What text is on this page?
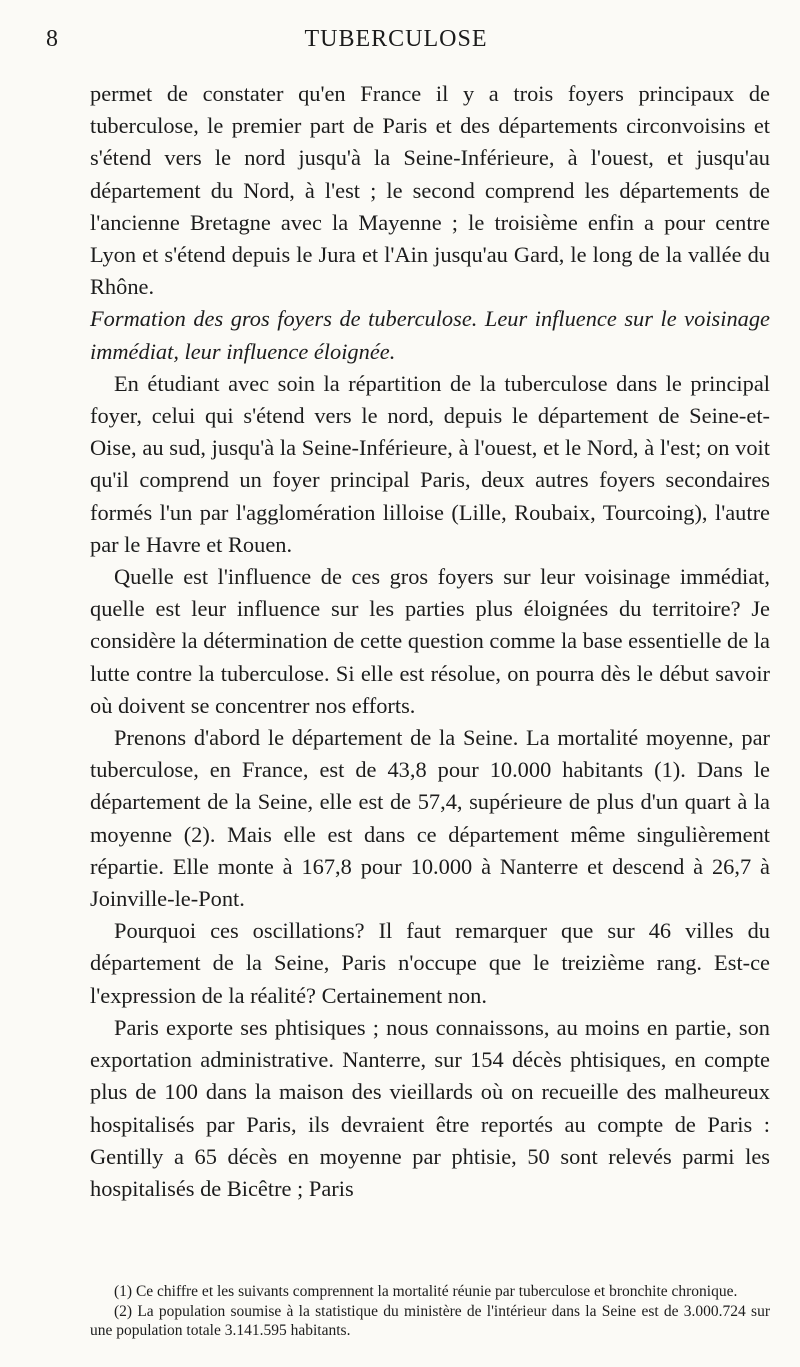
8	TUBERCULOSE

permet de constater qu'en France il y a trois foyers principaux de tuberculose, le premier part de Paris et des départements circonvoisins et s'étend vers le nord jusqu'à la Seine-Inférieure, à l'ouest, et jusqu'au département du Nord, à l'est ; le second comprend les départements de l'ancienne Bretagne avec la Mayenne ; le troisième enfin a pour centre Lyon et s'étend depuis le Jura et l'Ain jusqu'au Gard, le long de la vallée du Rhône.

Formation des gros foyers de tuberculose. Leur influence sur le voisinage immédiat, leur influence éloignée.

En étudiant avec soin la répartition de la tuberculose dans le principal foyer, celui qui s'étend vers le nord, depuis le département de Seine-et-Oise, au sud, jusqu'à la Seine-Inférieure, à l'ouest, et le Nord, à l'est; on voit qu'il comprend un foyer principal Paris, deux autres foyers secondaires formés l'un par l'agglomération lilloise (Lille, Roubaix, Tourcoing), l'autre par le Havre et Rouen.

Quelle est l'influence de ces gros foyers sur leur voisinage immédiat, quelle est leur influence sur les parties plus éloignées du territoire? Je considère la détermination de cette question comme la base essentielle de la lutte contre la tuberculose. Si elle est résolue, on pourra dès le début savoir où doivent se concentrer nos efforts.

Prenons d'abord le département de la Seine. La mortalité moyenne, par tuberculose, en France, est de 43,8 pour 10.000 habitants (1). Dans le département de la Seine, elle est de 57,4, supérieure de plus d'un quart à la moyenne (2). Mais elle est dans ce département même singulièrement répartie. Elle monte à 167,8 pour 10.000 à Nanterre et descend à 26,7 à Joinville-le-Pont.

Pourquoi ces oscillations? Il faut remarquer que sur 46 villes du département de la Seine, Paris n'occupe que le treizième rang. Est-ce l'expression de la réalité? Certainement non.

Paris exporte ses phtisiques ; nous connaissons, au moins en partie, son exportation administrative. Nanterre, sur 154 décès phtisiques, en compte plus de 100 dans la maison des vieillards où on recueille des malheureux hospitalisés par Paris, ils devraient être reportés au compte de Paris : Gentilly a 65 décès en moyenne par phtisie, 50 sont relevés parmi les hospitalisés de Bicêtre ; Paris

(1) Ce chiffre et les suivants comprennent la mortalité réunie par tuberculose et bronchite chronique.

(2) La population soumise à la statistique du ministère de l'intérieur dans la Seine est de 3.000.724 sur une population totale 3.141.595 habitants.
